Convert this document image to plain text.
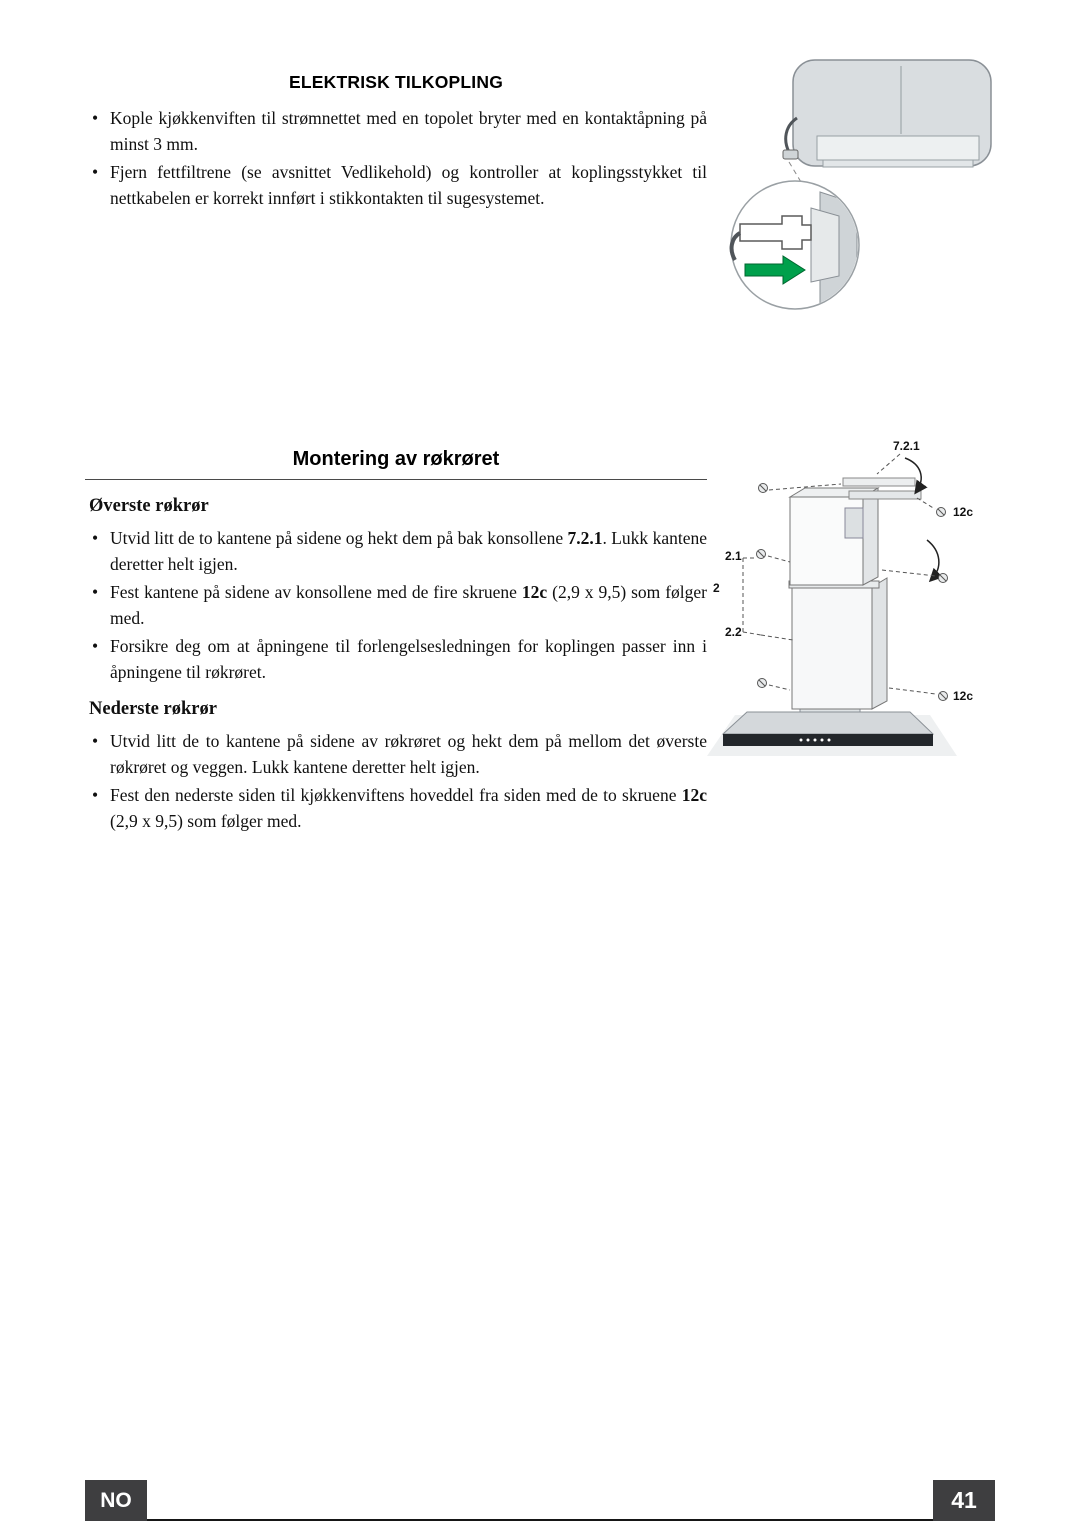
ELEKTRISK TILKOPLING
• Kople kjøkkenviften til strømnettet med en topolet bryter med en kontaktåpning på minst 3 mm.
• Fjern fettfiltrene (se avsnittet Vedlikehold) og kontroller at koplingsstykket til nettkabelen er korrekt innført i stikkontakten til sugesystemet.
Montering av røkrøret
Øverste røkrør
• Utvid litt de to kantene på sidene og hekt dem på bak konsollene 7.2.1. Lukk kantene deretter helt igjen.
• Fest kantene på sidene av konsollene med de fire skruene 12c (2,9 x 9,5) som følger med.
• Forsikre deg om at åpningene til forlengelsesledningen for koplingen passer inn i åpningene til røkrøret.
Nederste røkrør
• Utvid litt de to kantene på sidene av røkrøret og hekt dem på mellom det øverste røkrøret og veggen. Lukk kantene deretter helt igjen.
• Fest den nederste siden til kjøkkenviftens hoveddel fra siden med de to skruene 12c (2,9 x 9,5) som følger med.
7.2.1
12c
2.1
2
2.2
12c
NO	41
